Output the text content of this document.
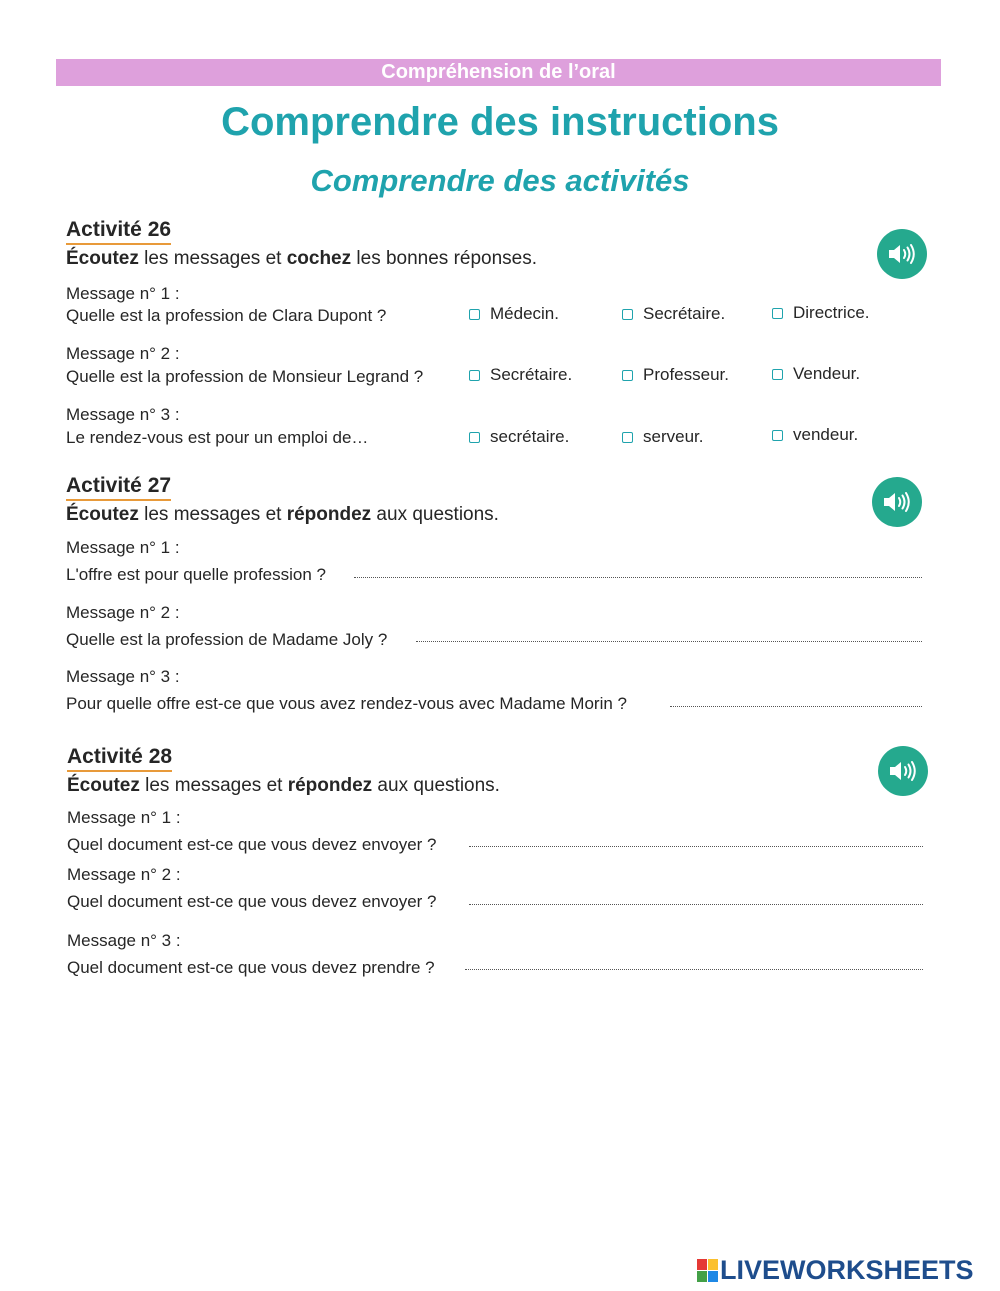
Compréhension de l’oral
Comprendre des instructions
Comprendre des activités
Activité 26
Écoutez les messages et cochez les bonnes réponses.
Message n° 1 :
Quelle est la profession de Clara Dupont ?	Médecin.	Secrétaire.	Directrice.
Message n° 2 :
Quelle est la profession de Monsieur Legrand ?	Secrétaire.	Professeur.	Vendeur.
Message n° 3 :
Le rendez-vous est pour un emploi de…	secrétaire.	serveur.	vendeur.
Activité 27
Écoutez les messages et répondez aux questions.
Message n° 1 :
L'offre est pour quelle profession ?
Message n° 2 :
Quelle est la profession de Madame Joly ?
Message n° 3 :
Pour quelle offre est-ce que vous avez rendez-vous avec Madame Morin ?
Activité 28
Écoutez les messages et répondez aux questions.
Message n° 1 :
Quel document est-ce que vous devez envoyer ?
Message n° 2 :
Quel document est-ce que vous devez envoyer ?
Message n° 3 :
Quel document est-ce que vous devez prendre ?
LIVEWORKSHEETS
